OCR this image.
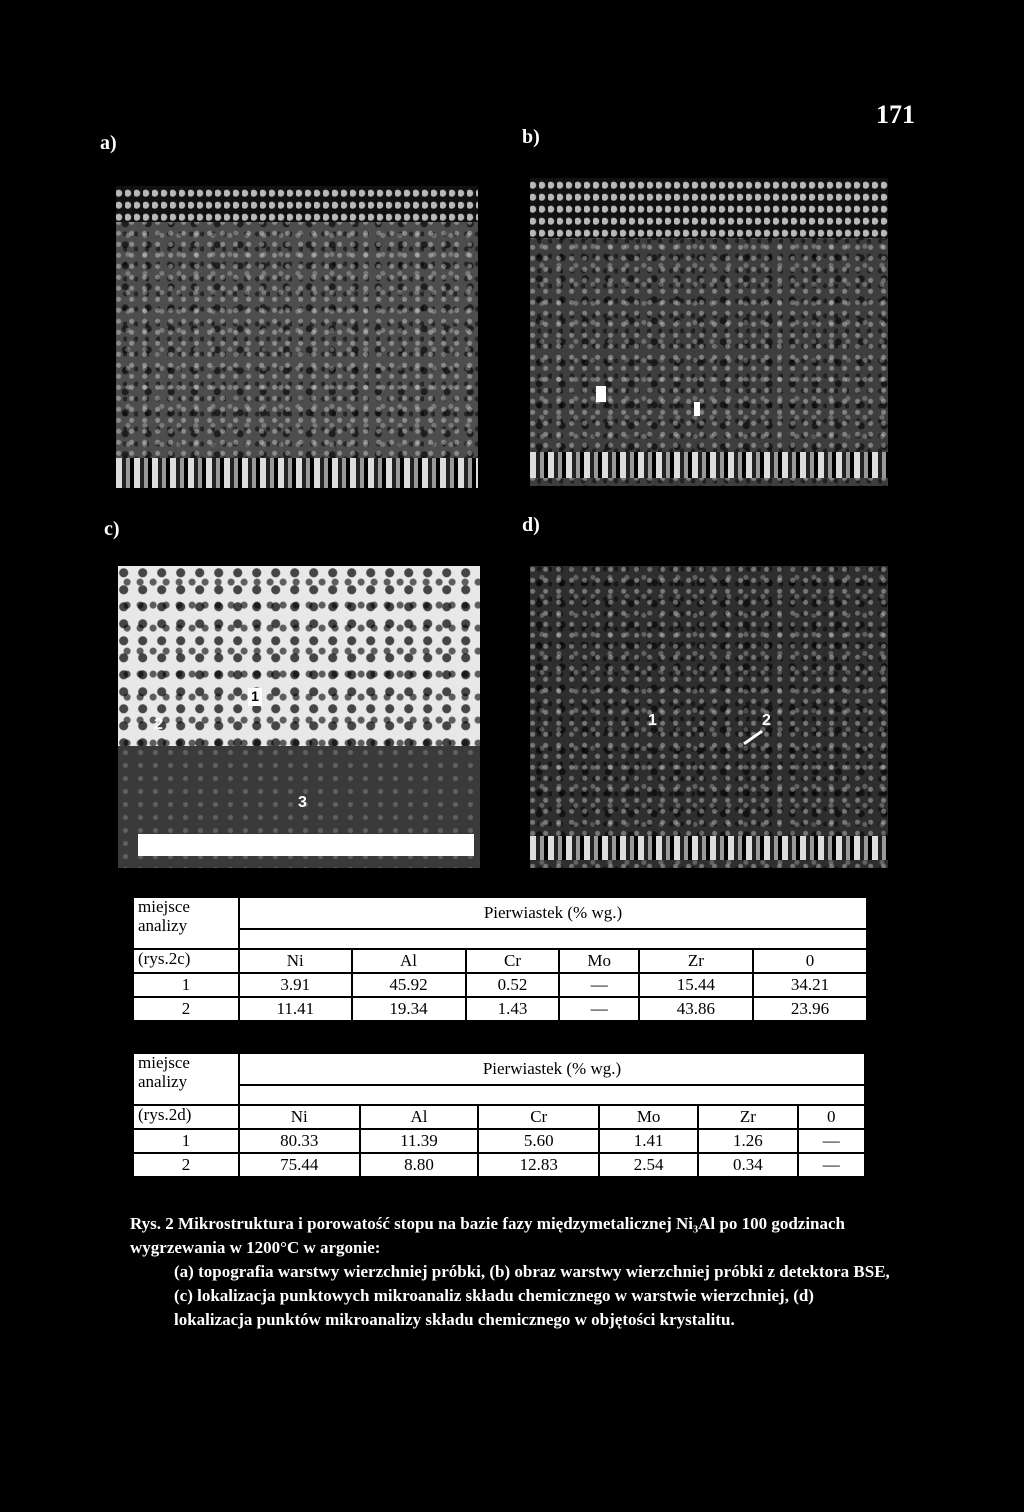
171
a)	b)
c)	d)
1
2
3
1	2
miejsce
analizy	Pierwiastek (% wg.)					

(rys.2c)	Ni	Al	Cr	Mo	Zr	0
1	3.91	45.92	0.52	—	15.44	34.21
2	11.41	19.34	1.43	—	43.86	23.96
miejsce
analizy	Pierwiastek (% wg.)					

(rys.2d)	Ni	Al	Cr	Mo	Zr	0
1	80.33	11.39	5.60	1.41	1.26	—
2	75.44	8.80	12.83	2.54	0.34	—
Rys. 2 Mikrostruktura i porowatość stopu na bazie fazy międzymetalicznej Ni₃Al po 100 godzinach wygrzewania w 1200°C w argonie:
(a) topografia warstwy wierzchniej próbki, (b) obraz warstwy wierzchniej próbki z detektora BSE, (c) lokalizacja punktowych mikroanaliz składu chemicznego w warstwie wierzchniej, (d) lokalizacja punktów mikroanalizy składu chemicznego w objętości krystalitu.
